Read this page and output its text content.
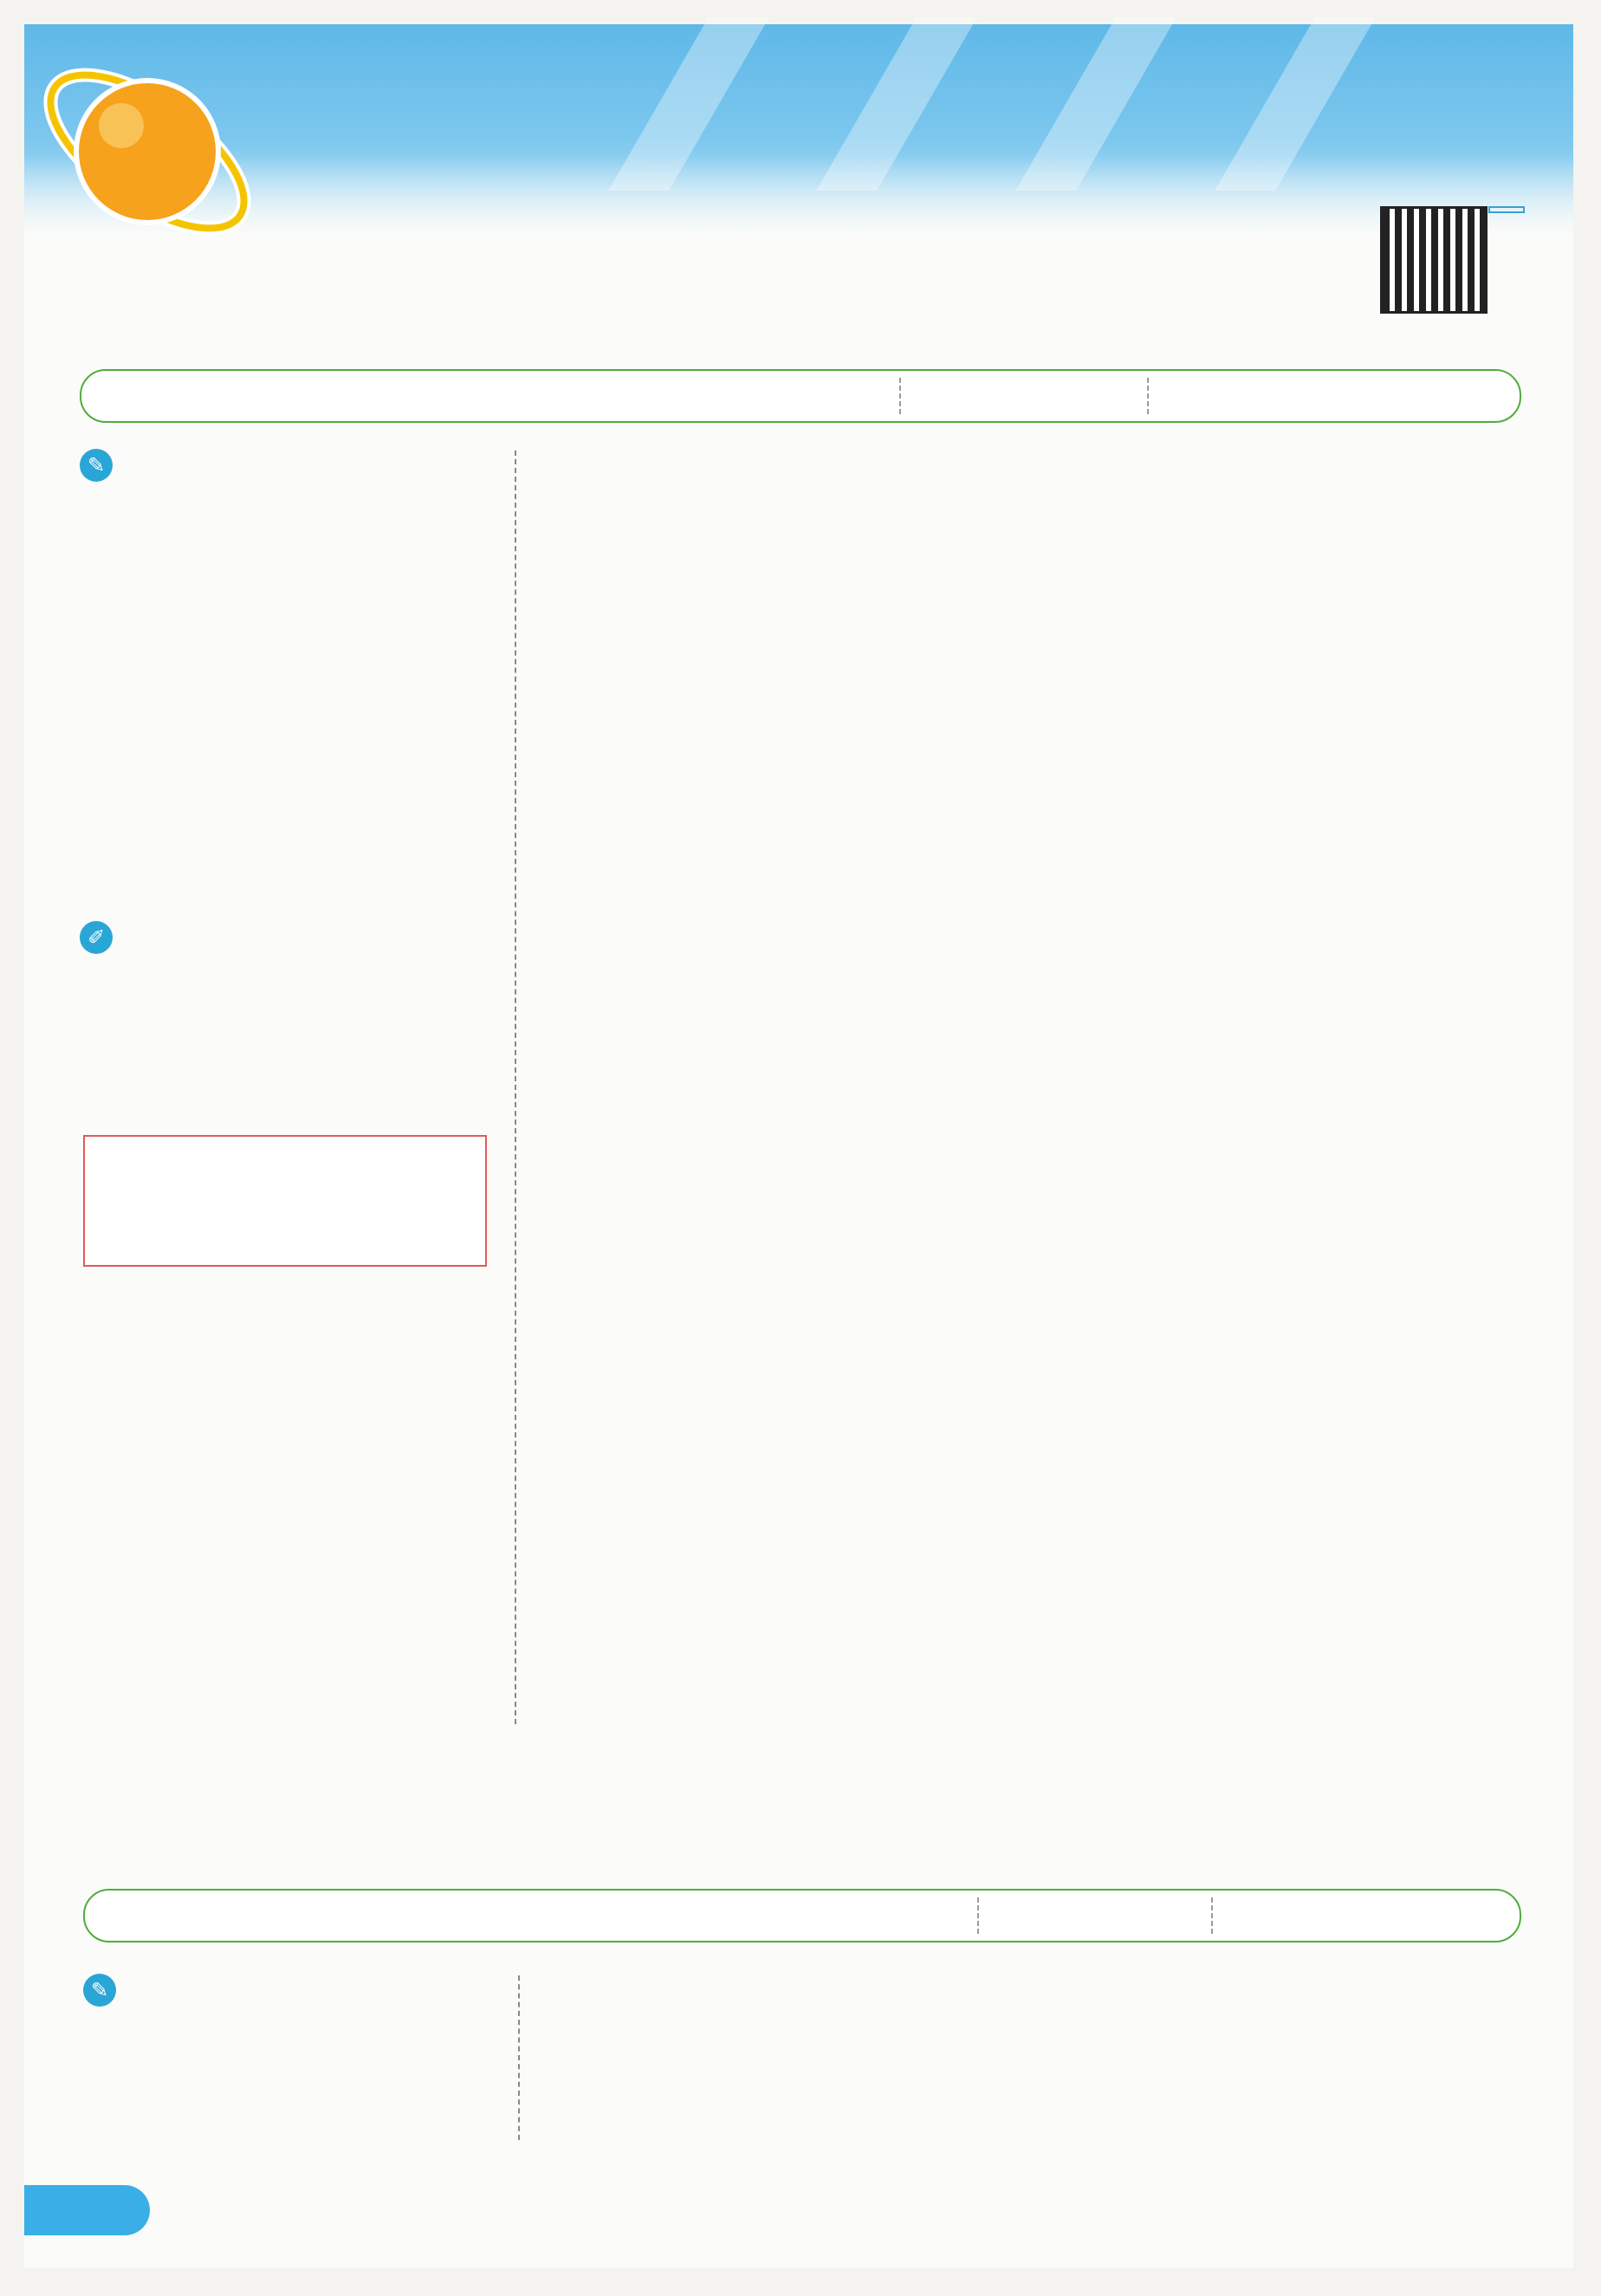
✎
✐
✎
